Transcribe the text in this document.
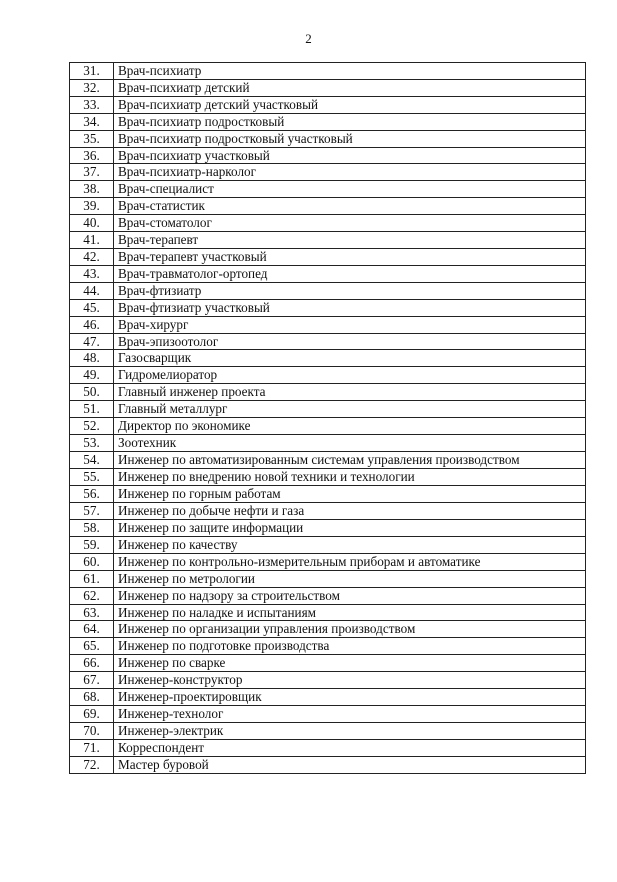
2
31.	Врач-психиатр
32.	Врач-психиатр детский
33.	Врач-психиатр детский участковый
34.	Врач-психиатр подростковый
35.	Врач-психиатр подростковый участковый
36.	Врач-психиатр участковый
37.	Врач-психиатр-нарколог
38.	Врач-специалист
39.	Врач-статистик
40.	Врач-стоматолог
41.	Врач-терапевт
42.	Врач-терапевт участковый
43.	Врач-травматолог-ортопед
44.	Врач-фтизиатр
45.	Врач-фтизиатр участковый
46.	Врач-хирург
47.	Врач-эпизоотолог
48.	Газосварщик
49.	Гидромелиоратор
50.	Главный инженер проекта
51.	Главный металлург
52.	Директор по экономике
53.	Зоотехник
54.	Инженер по автоматизированным системам управления производством
55.	Инженер по внедрению новой техники и технологии
56.	Инженер по горным работам
57.	Инженер по добыче нефти и газа
58.	Инженер по защите информации
59.	Инженер по качеству
60.	Инженер по контрольно-измерительным приборам и автоматике
61.	Инженер по метрологии
62.	Инженер по надзору за строительством
63.	Инженер по наладке и испытаниям
64.	Инженер по организации управления производством
65.	Инженер по подготовке производства
66.	Инженер по сварке
67.	Инженер-конструктор
68.	Инженер-проектировщик
69.	Инженер-технолог
70.	Инженер-электрик
71.	Корреспондент
72.	Мастер буровой
